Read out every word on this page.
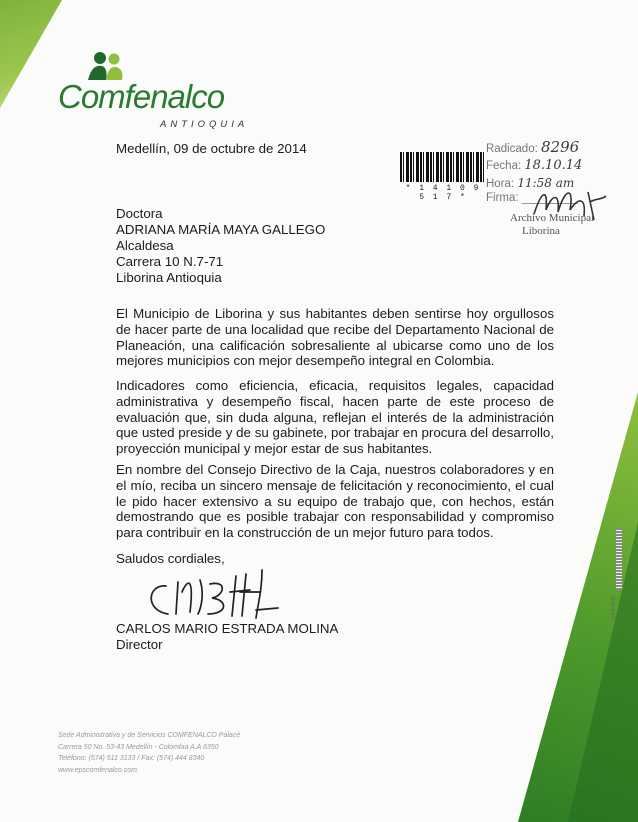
Comfenalco
ANTIOQUIA
Medellín, 09 de octubre de 2014
* 1 4 1 0 9 5 1 7 *
Radicado: 8296
Fecha: 18.10.14
Hora: 11:58 am
Firma:
Archivo Municipal
Liborina
Doctora
ADRIANA MARÍA MAYA GALLEGO
Alcaldesa
Carrera 10 N.7-71
Liborina Antioquia

El Municipio de Liborina y sus habitantes deben sentirse hoy orgullosos de hacer parte de una localidad que recibe del Departamento Nacional de Planeación, una calificación sobresaliente al ubicarse como uno de los mejores municipios con mejor desempeño integral en Colombia.

Indicadores como eficiencia, eficacia, requisitos legales, capacidad administrativa y desempeño fiscal, hacen parte de este proceso de evaluación que, sin duda alguna, reflejan el interés de la administración que usted preside y de su gabinete, por trabajar en procura del desarrollo, proyección municipal y mejor estar de sus habitantes.

En nombre del Consejo Directivo de la Caja, nuestros colaboradores y en el mío, reciba un sincero mensaje de felicitación y reconocimiento, el cual le pido hacer extensivo a su equipo de trabajo que, con hechos, están demostrando que es posible trabajar con responsabilidad y compromiso para contribuir en la construcción de un mejor futuro para todos.

Saludos cordiales,
CARLOS MARIO ESTRADA MOLINA
Director
Sede Administrativa y de Servicios COMFENALCO Palacé
Carrera 50 No. 53-43 Medellín - Colombia A.A 6350
Teléfono: (574) 511 3133 / Fax: (574) 444 8340
www.epscomfenalco.com
VIGILADO
